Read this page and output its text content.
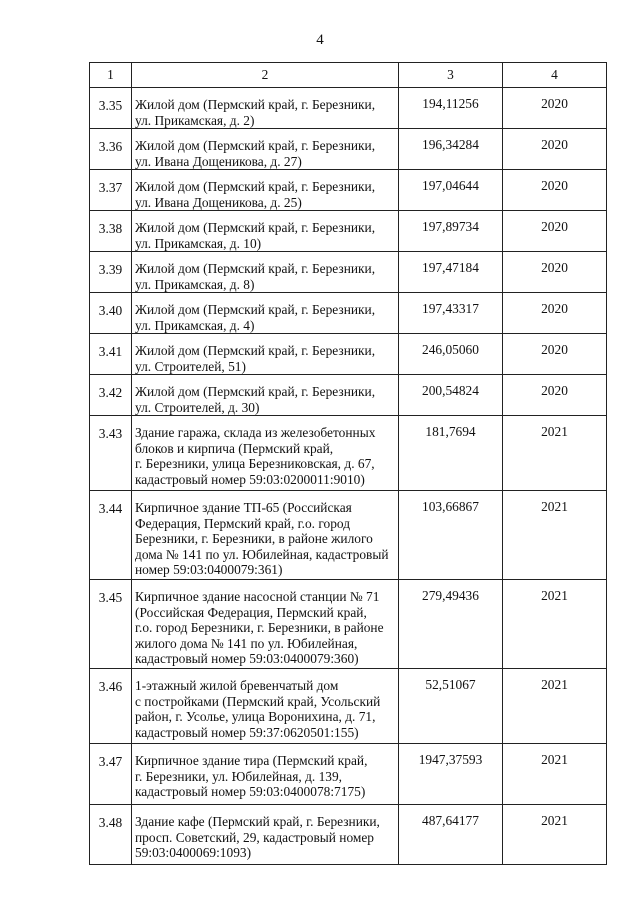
4
1	2	3	4
3.35	Жилой дом (Пермский край, г. Березники,
ул. Прикамская, д. 2)	194,11256	2020
3.36	Жилой дом (Пермский край, г. Березники,
ул. Ивана Дощеникова, д. 27)	196,34284	2020
3.37	Жилой дом (Пермский край, г. Березники,
ул. Ивана Дощеникова, д. 25)	197,04644	2020
3.38	Жилой дом (Пермский край, г. Березники,
ул. Прикамская, д. 10)	197,89734	2020
3.39	Жилой дом (Пермский край, г. Березники,
ул. Прикамская, д. 8)	197,47184	2020
3.40	Жилой дом (Пермский край, г. Березники,
ул. Прикамская, д. 4)	197,43317	2020
3.41	Жилой дом (Пермский край, г. Березники,
ул. Строителей, 51)	246,05060	2020
3.42	Жилой дом (Пермский край, г. Березники,
ул. Строителей, д. 30)	200,54824	2020
3.43	Здание гаража, склада из железобетонных
блоков и кирпича (Пермский край,
г. Березники, улица Березниковская, д. 67,
кадастровый номер 59:03:0200011:9010)	181,7694	2021
3.44	Кирпичное здание ТП-65 (Российская
Федерация, Пермский край, г.о. город
Березники, г. Березники, в районе жилого
дома № 141 по ул. Юбилейная, кадастровый
номер 59:03:0400079:361)	103,66867	2021
3.45	Кирпичное здание насосной станции № 71
(Российская Федерация, Пермский край,
г.о. город Березники, г. Березники, в районе
жилого дома № 141 по ул. Юбилейная,
кадастровый номер 59:03:0400079:360)	279,49436	2021
3.46	1-этажный жилой бревенчатый дом
с постройками (Пермский край, Усольский
район, г. Усолье, улица Воронихина, д. 71,
кадастровый номер 59:37:0620501:155)	52,51067	2021
3.47	Кирпичное здание тира (Пермский край,
г. Березники, ул. Юбилейная, д. 139,
кадастровый номер 59:03:0400078:7175)	1947,37593	2021
3.48	Здание кафе (Пермский край, г. Березники,
просп. Советский, 29, кадастровый номер
59:03:0400069:1093)	487,64177	2021
